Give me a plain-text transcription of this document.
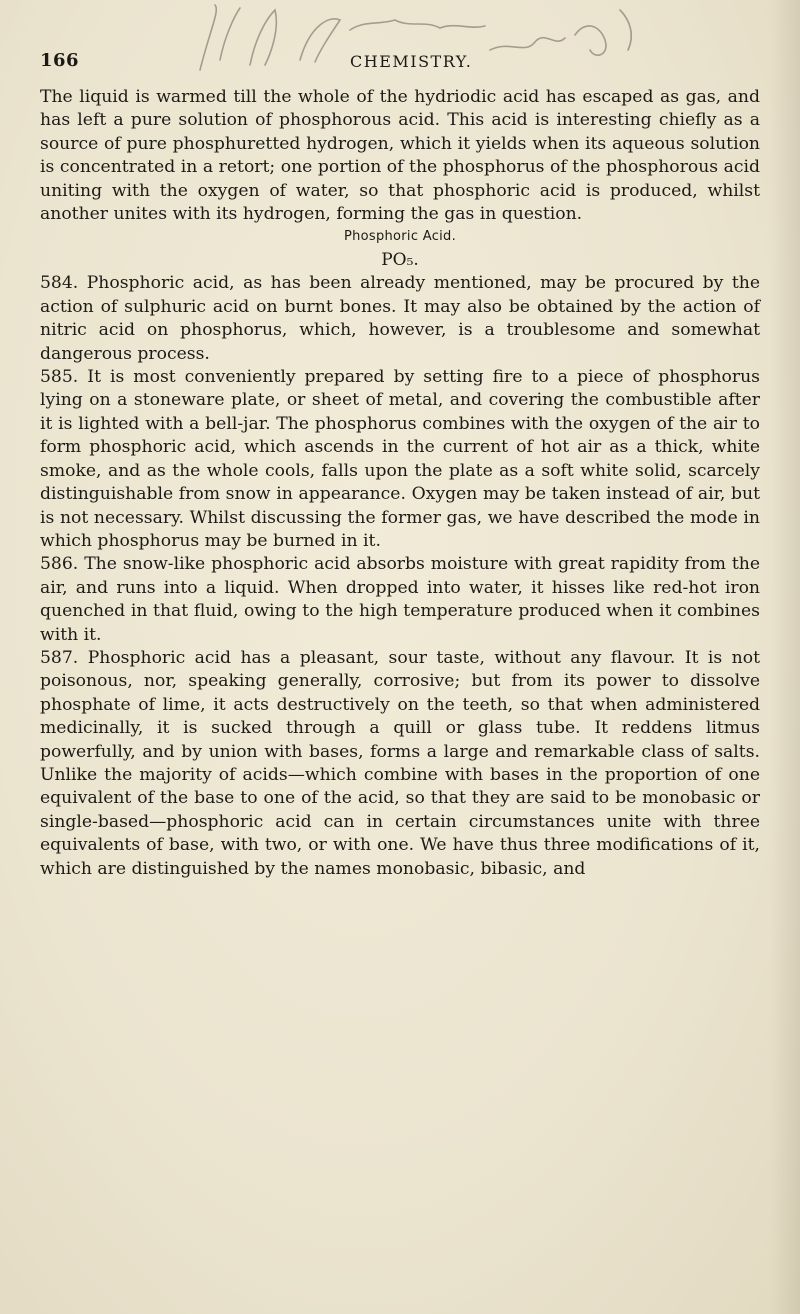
166	CHEMISTRY.

The liquid is warmed till the whole of the hydriodic acid has escaped as gas, and has left a pure solution of phosphorous acid. This acid is interesting chiefly as a source of pure phosphuretted hydrogen, which it yields when its aqueous solution is concentrated in a retort; one portion of the phosphorus of the phosphorous acid uniting with the oxygen of water, so that phosphoric acid is produced, whilst another unites with its hydrogen, forming the gas in question.

Phosphoric Acid.

PO₅.

584. Phosphoric acid, as has been already mentioned, may be procured by the action of sulphuric acid on burnt bones. It may also be obtained by the action of nitric acid on phosphorus, which, however, is a troublesome and somewhat dangerous process.

585. It is most conveniently prepared by setting fire to a piece of phosphorus lying on a stoneware plate, or sheet of metal, and covering the combustible after it is lighted with a bell-jar. The phosphorus combines with the oxygen of the air to form phosphoric acid, which ascends in the current of hot air as a thick, white smoke, and as the whole cools, falls upon the plate as a soft white solid, scarcely distinguishable from snow in appearance. Oxygen may be taken instead of air, but is not necessary. Whilst discussing the former gas, we have described the mode in which phosphorus may be burned in it.

586. The snow-like phosphoric acid absorbs moisture with great rapidity from the air, and runs into a liquid. When dropped into water, it hisses like red-hot iron quenched in that fluid, owing to the high temperature produced when it combines with it.

587. Phosphoric acid has a pleasant, sour taste, without any flavour. It is not poisonous, nor, speaking generally, corrosive; but from its power to dissolve phosphate of lime, it acts destructively on the teeth, so that when administered medicinally, it is sucked through a quill or glass tube. It reddens litmus powerfully, and by union with bases, forms a large and remarkable class of salts. Unlike the majority of acids—which combine with bases in the proportion of one equivalent of the base to one of the acid, so that they are said to be monobasic or single-based—phosphoric acid can in certain circumstances unite with three equivalents of base, with two, or with one. We have thus three modifications of it, which are distinguished by the names monobasic, bibasic, and
